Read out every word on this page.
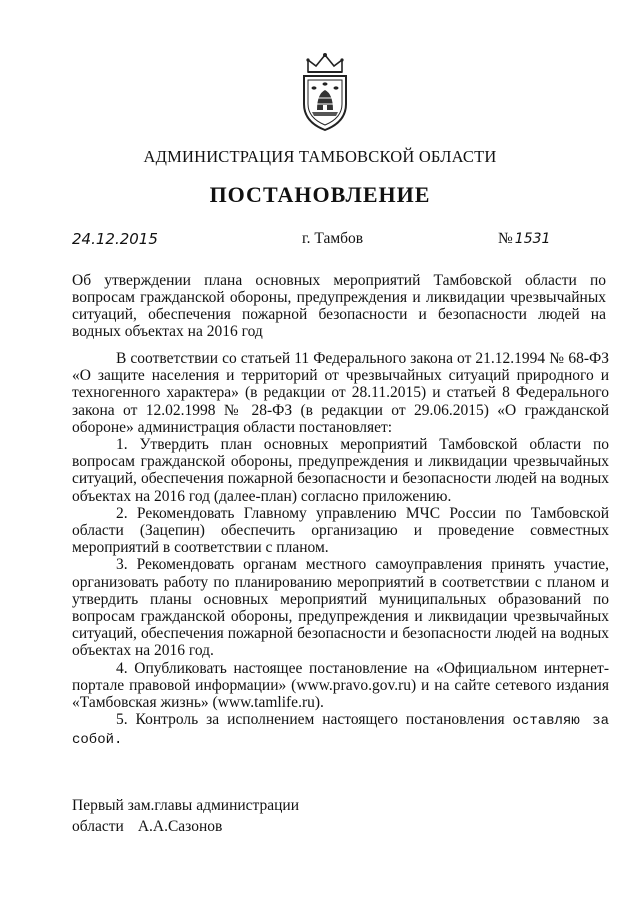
АДМИНИСТРАЦИЯ ТАМБОВСКОЙ ОБЛАСТИ
ПОСТАНОВЛЕНИЕ
24.12.2015	г. Тамбов	№ 1531
Об утверждении плана основных мероприятий Тамбовской области по вопросам гражданской обороны, предупреждения и ликвидации чрезвычайных ситуаций, обеспечения пожарной безопасности и безопасности людей на водных объектах на 2016 год

В соответствии со статьей 11 Федерального закона от 21.12.1994 № 68-ФЗ «О защите населения и территорий от чрезвычайных ситуаций природного и техногенного характера» (в редакции от 28.11.2015) и статьей 8 Федерального закона от 12.02.1998 № 28-ФЗ (в редакции от 29.06.2015) «О гражданской обороне» администрация области постановляет:

1. Утвердить план основных мероприятий Тамбовской области по вопросам гражданской обороны, предупреждения и ликвидации чрезвычайных ситуаций, обеспечения пожарной безопасности и безопасности людей на водных объектах на 2016 год (далее-план) согласно приложению.

2. Рекомендовать Главному управлению МЧС России по Тамбовской области (Зацепин) обеспечить организацию и проведение совместных мероприятий в соответствии с планом.

3. Рекомендовать органам местного самоуправления принять участие, организовать работу по планированию мероприятий в соответствии с планом и утвердить планы основных мероприятий муниципальных образований по вопросам гражданской обороны, предупреждения и ликвидации чрезвычайных ситуаций, обеспечения пожарной безопасности и безопасности людей на водных объектах на 2016 год.

4. Опубликовать настоящее постановление на «Официальном интернет-портале правовой информации» (www.pravo.gov.ru) и на сайте сетевого издания «Тамбовская жизнь» (www.tamlife.ru).

5. Контроль за исполнением настоящего постановления оставляю за собой.

Первый зам.главы администрации
области А.А.Сазонов
